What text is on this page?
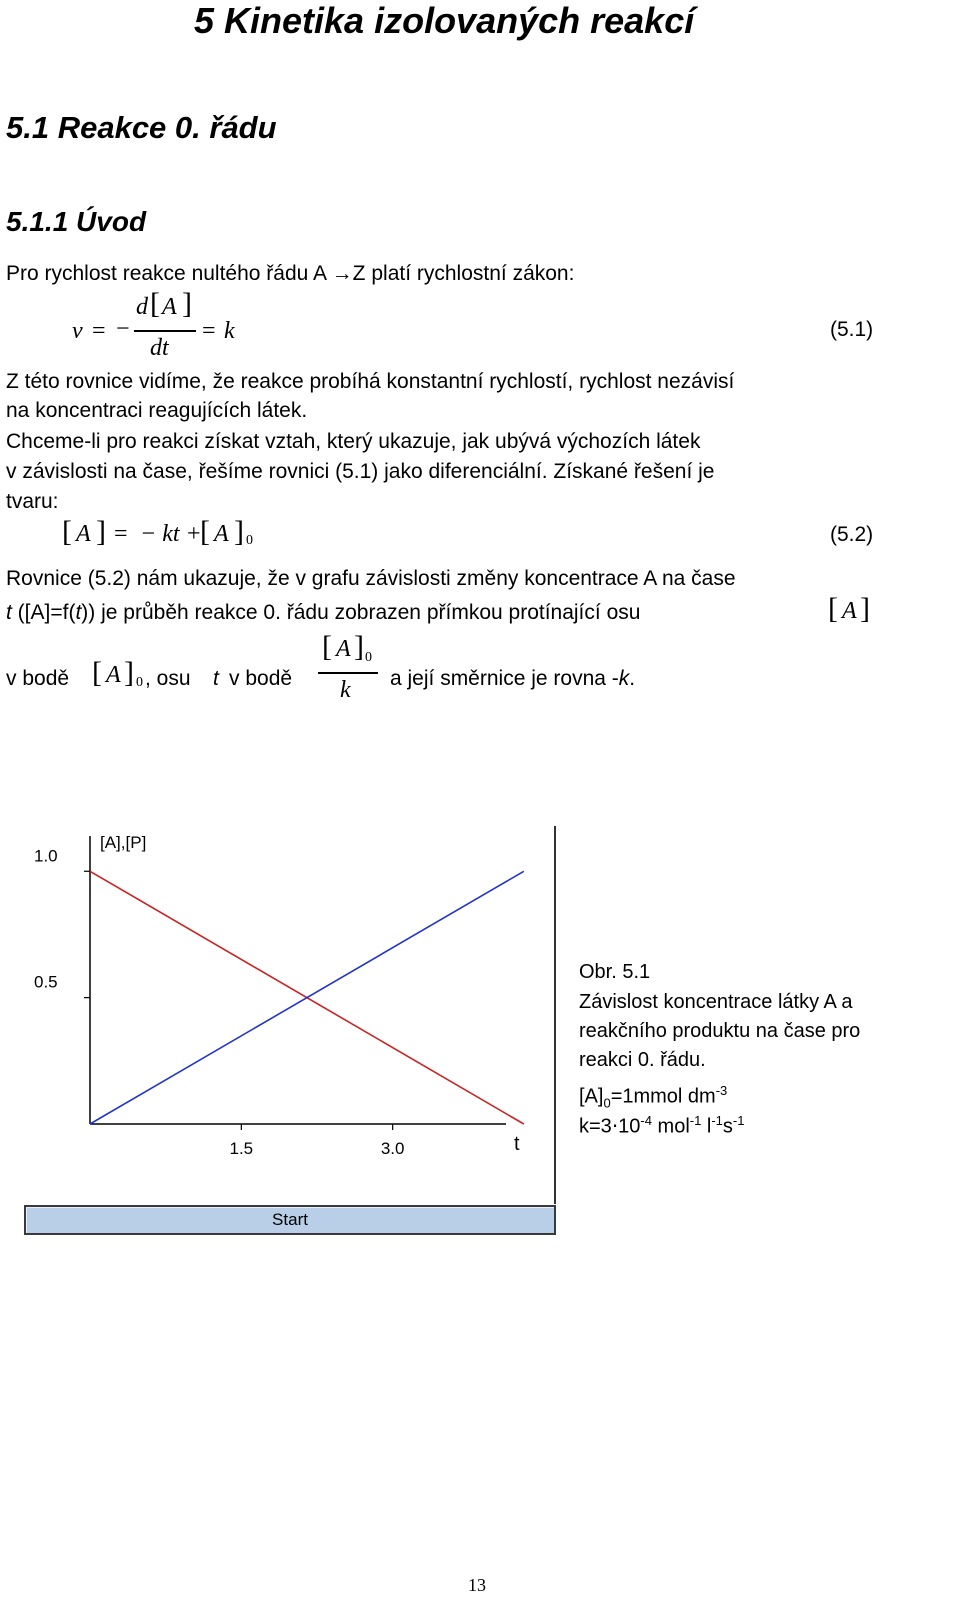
5 Kinetika izolovaných reakcí
5.1 Reakce 0. řádu
5.1.1 Úvod
Pro rychlost reakce nultého řádu A →Z platí rychlostní zákon:
v = −
d [ A ]
dt
= k	(5.1)
Z této rovnice vidíme, že reakce probíhá konstantní rychlostí, rychlost nezávisí
na koncentraci reagujících látek.
Chceme-li pro reakci získat vztah, který ukazuje, jak ubývá výchozích látek
v závislosti na čase, řešíme rovnici (5.1) jako diferenciální. Získané řešení je
tvaru:
[ A ] = − kt +
[ A ] 0	(5.2)
Rovnice (5.2) nám ukazuje, že v grafu závislosti změny koncentrace A na čase
t ([A]=f(t)) je průběh reakce 0. řádu zobrazen přímkou protínající osu	[ A ]
v bodě [ A ] 0 , osu t v bodě
[ A ] 0
k a její směrnice je rovna -k.
1.0
0.5
1.5	3.0
[A],[P]
t
Start
Obr. 5.1
Závislost koncentrace látky A a
reakčního produktu na čase pro
reakci 0. řádu.
$[A]_0=1mmol$ $dm^{-3}$
$k=3\cdot 10^{-4}$ mol$^{-1}$ $l^{-1}s^{-1}$
13
